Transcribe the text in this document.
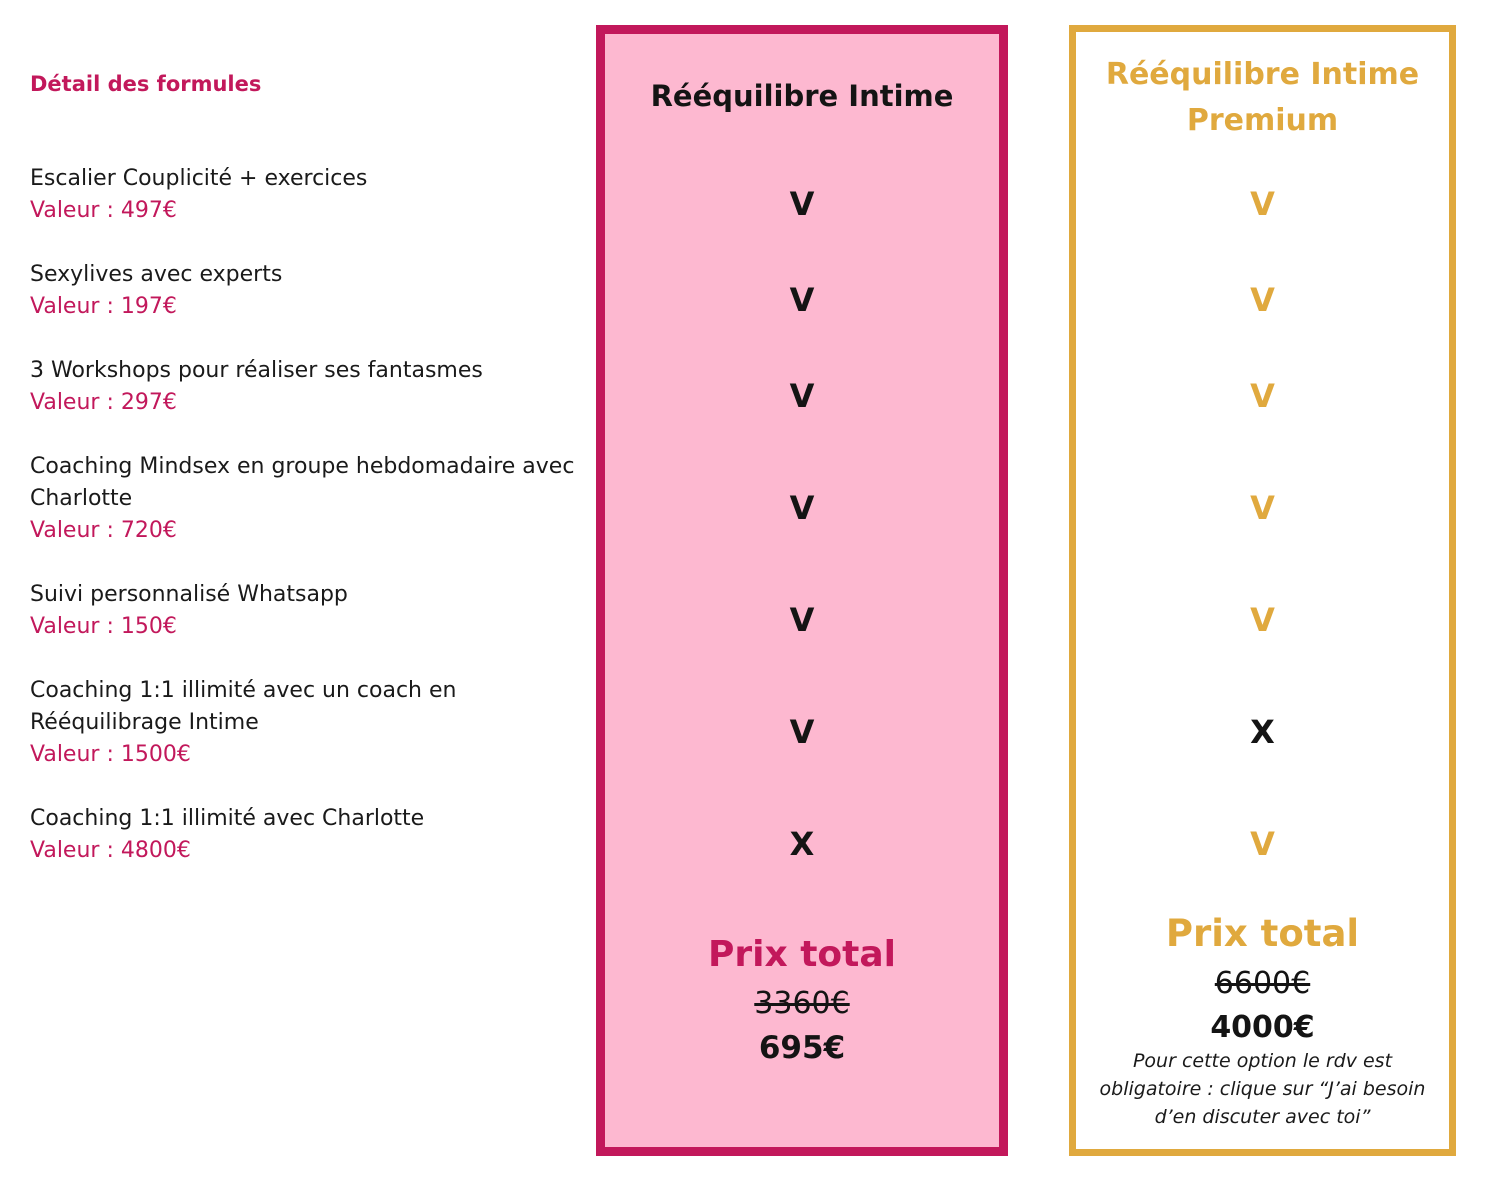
Détail des formules
Escalier Couplicité + exercices
Valeur : 497€
Sexylives avec experts
Valeur : 197€
3 Workshops pour réaliser ses fantasmes
Valeur : 297€
Coaching Mindsex en groupe hebdomadaire avec Charlotte
Valeur : 720€
Suivi personnalisé Whatsapp
Valeur : 150€
Coaching 1:1 illimité avec un coach en Rééquilibrage Intime
Valeur : 1500€
Coaching 1:1 illimité avec Charlotte
Valeur : 4800€
Rééquilibre Intime
V
V
V
V
V
V
X
Prix total
3360€
695€
Rééquilibre Intime Premium
V
V
V
V
V
X
V
Prix total
6600€
4000€
Pour cette option le rdv est obligatoire : clique sur “J’ai besoin d’en discuter avec toi”
